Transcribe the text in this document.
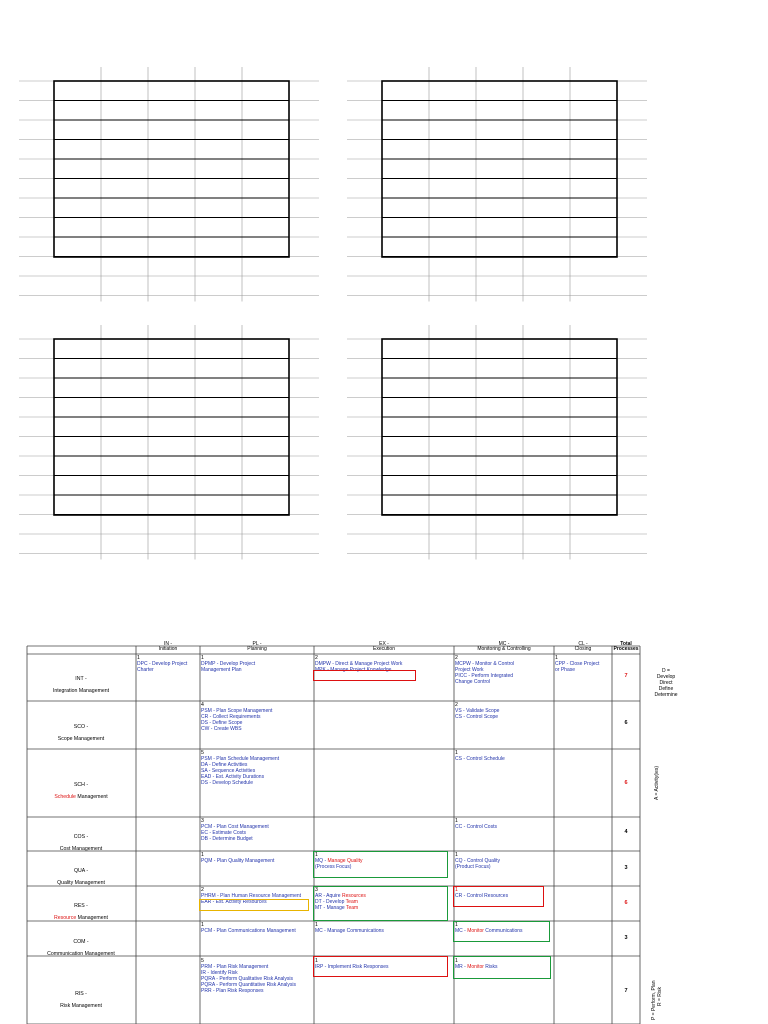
IN -
Initiation
PL -
Planning
EX -
Execution
MC -
Monitoring & Controlling
CL -
Closing
Total
Processes

INT -

Integration Management

1
DPC - Develop Project
Charter
1
DPMP - Develop Project
Management Plan
2
DMPW - Direct & Manage Project Work
MPK - Manage Project Knowledge
2
MCPW - Monitor & Control
Project Work
PICC - Perform Integrated
Change Control
1
CPP - Close Project
or Phase
7

SCO -

Scope Management

4
PSM - Plan Scope Management
CR - Collect Requirements
DS - Define Scope
CW - Create WBS
2
VS - Validate Scope
CS - Control Scope
6

SCH -

Schedule Management

5
PSM - Plan Schedule Management
DA - Define Activities
SA - Sequence Activities
EAD - Est. Activity Durations
DS - Develop Schedule
1
CS - Control Schedule
6

COS -

Cost Management

3
PCM - Plan Cost Management
EC - Estimate Costs
DB - Determine Budget
1
CC - Control Costs
4

QUA -

Quality Management

1
PQM - Plan Quality Management
1
MQ - Manage Quality
(Process Focus)
1
CQ - Control Quality
(Product Focus)	3

RES -

Resource Management

2
PHRM - Plan Human Resource Management
EAR - Est. Activity Resources
3
AR - Aquire Resources
DT - Develop Team
MT - Manage Team
1
CR - Control Resources
6

COM -

Communication Management

1
PCM - Plan Communications Management
1
MC - Manage Communications
1
MC - Monitor Communications
3

RIS -

Risk Management

5
PRM - Plan Risk Management
IR - Identify Risk
PQRA - Perform Qualitative Risk Analysis
PQRA - Perform Quantitative Risk Analysis
PRR - Plan Risk Responses
1
IRP - Implement Risk Responses
1
MR - Monitor Risks
7
D =
Develop
Direct
Define
Determine
A = Activity(ies)
P = Perform, Plan R = Risk
